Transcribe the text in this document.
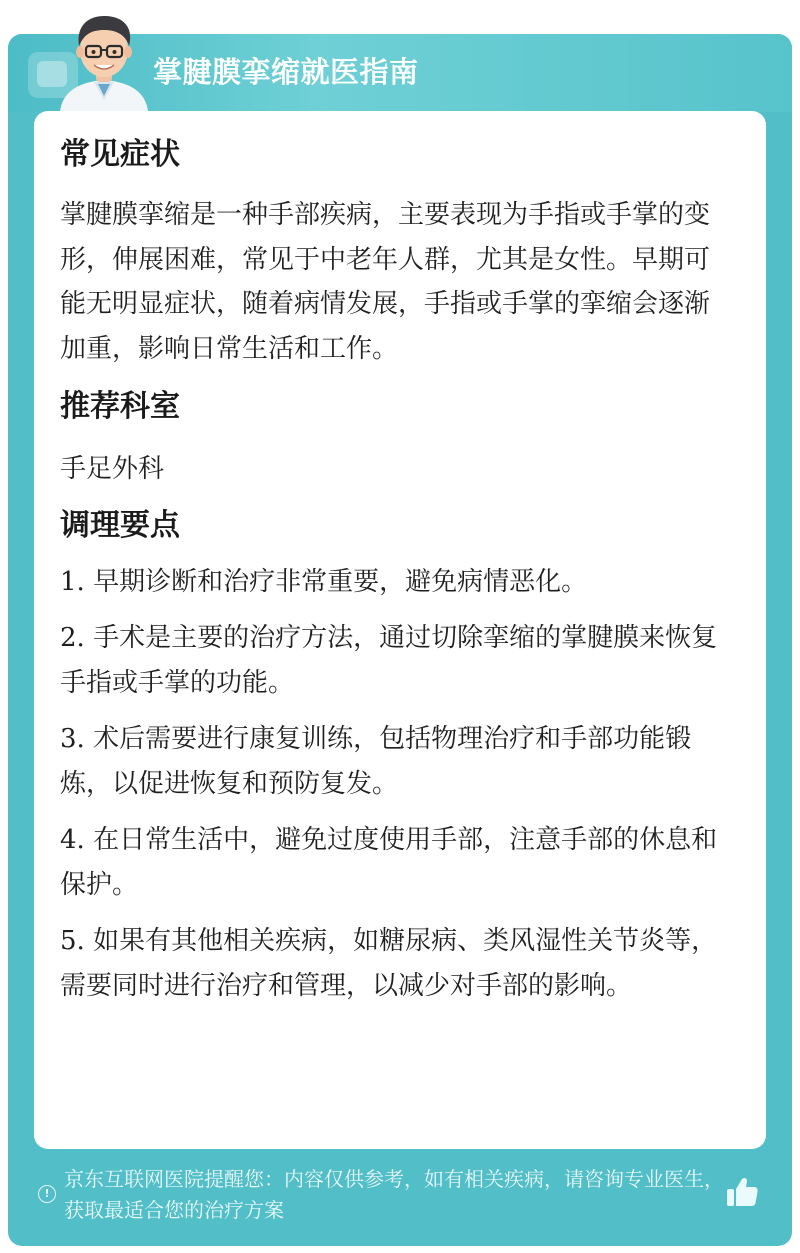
掌腱膜挛缩就医指南
常见症状

掌腱膜挛缩是一种手部疾病，主要表现为手指或手掌的变形，伸展困难，常见于中老年人群，尤其是女性。早期可能无明显症状，随着病情发展，手指或手掌的挛缩会逐渐加重，影响日常生活和工作。

推荐科室

手足外科

调理要点

1. 早期诊断和治疗非常重要，避免病情恶化。

2. 手术是主要的治疗方法，通过切除挛缩的掌腱膜来恢复手指或手掌的功能。

3. 术后需要进行康复训练，包括物理治疗和手部功能锻炼，以促进恢复和预防复发。

4. 在日常生活中，避免过度使用手部，注意手部的休息和保护。

5. 如果有其他相关疾病，如糖尿病、类风湿性关节炎等，需要同时进行治疗和管理，以减少对手部的影响。

!
京东互联网医院提醒您：内容仅供参考，如有相关疾病，请咨询专业医生，获取最适合您的治疗方案
